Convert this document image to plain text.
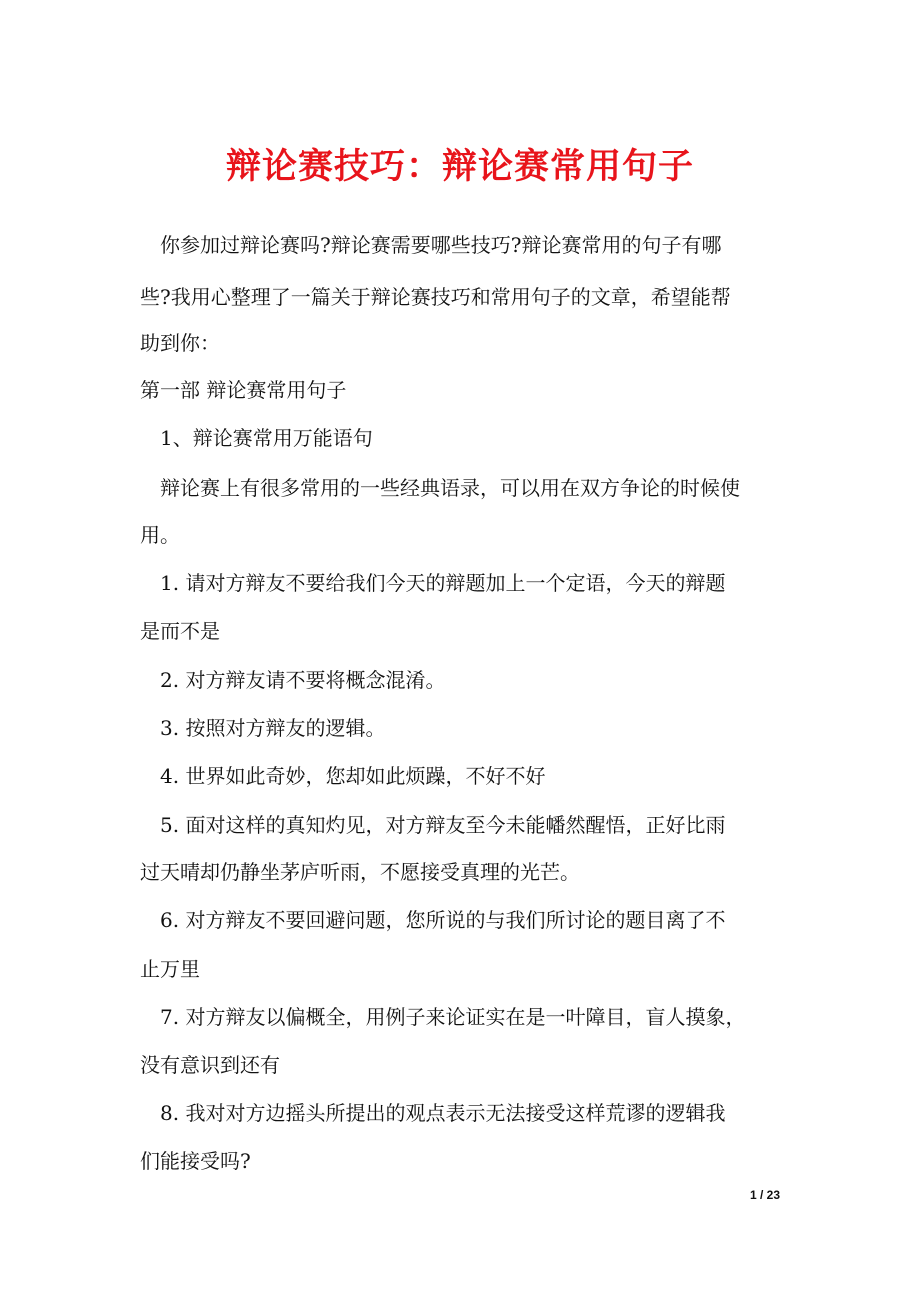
辩论赛技巧：辩论赛常用句子
　你参加过辩论赛吗?辩论赛需要哪些技巧?辩论赛常用的句子有哪
些?我用心整理了一篇关于辩论赛技巧和常用句子的文章，希望能帮
助到你：
第一部 辩论赛常用句子
　1、辩论赛常用万能语句
　辩论赛上有很多常用的一些经典语录，可以用在双方争论的时候使
用。
　1. 请对方辩友不要给我们今天的辩题加上一个定语，今天的辩题
是而不是
　2. 对方辩友请不要将概念混淆。
　3. 按照对方辩友的逻辑。
　4. 世界如此奇妙，您却如此烦躁，不好不好
　5. 面对这样的真知灼见，对方辩友至今未能幡然醒悟，正好比雨
过天晴却仍静坐茅庐听雨，不愿接受真理的光芒。
　6. 对方辩友不要回避问题，您所说的与我们所讨论的题目离了不
止万里
　7. 对方辩友以偏概全，用例子来论证实在是一叶障目，盲人摸象，
没有意识到还有
　8. 我对对方边摇头所提出的观点表示无法接受这样荒谬的逻辑我
们能接受吗?
1 / 23
